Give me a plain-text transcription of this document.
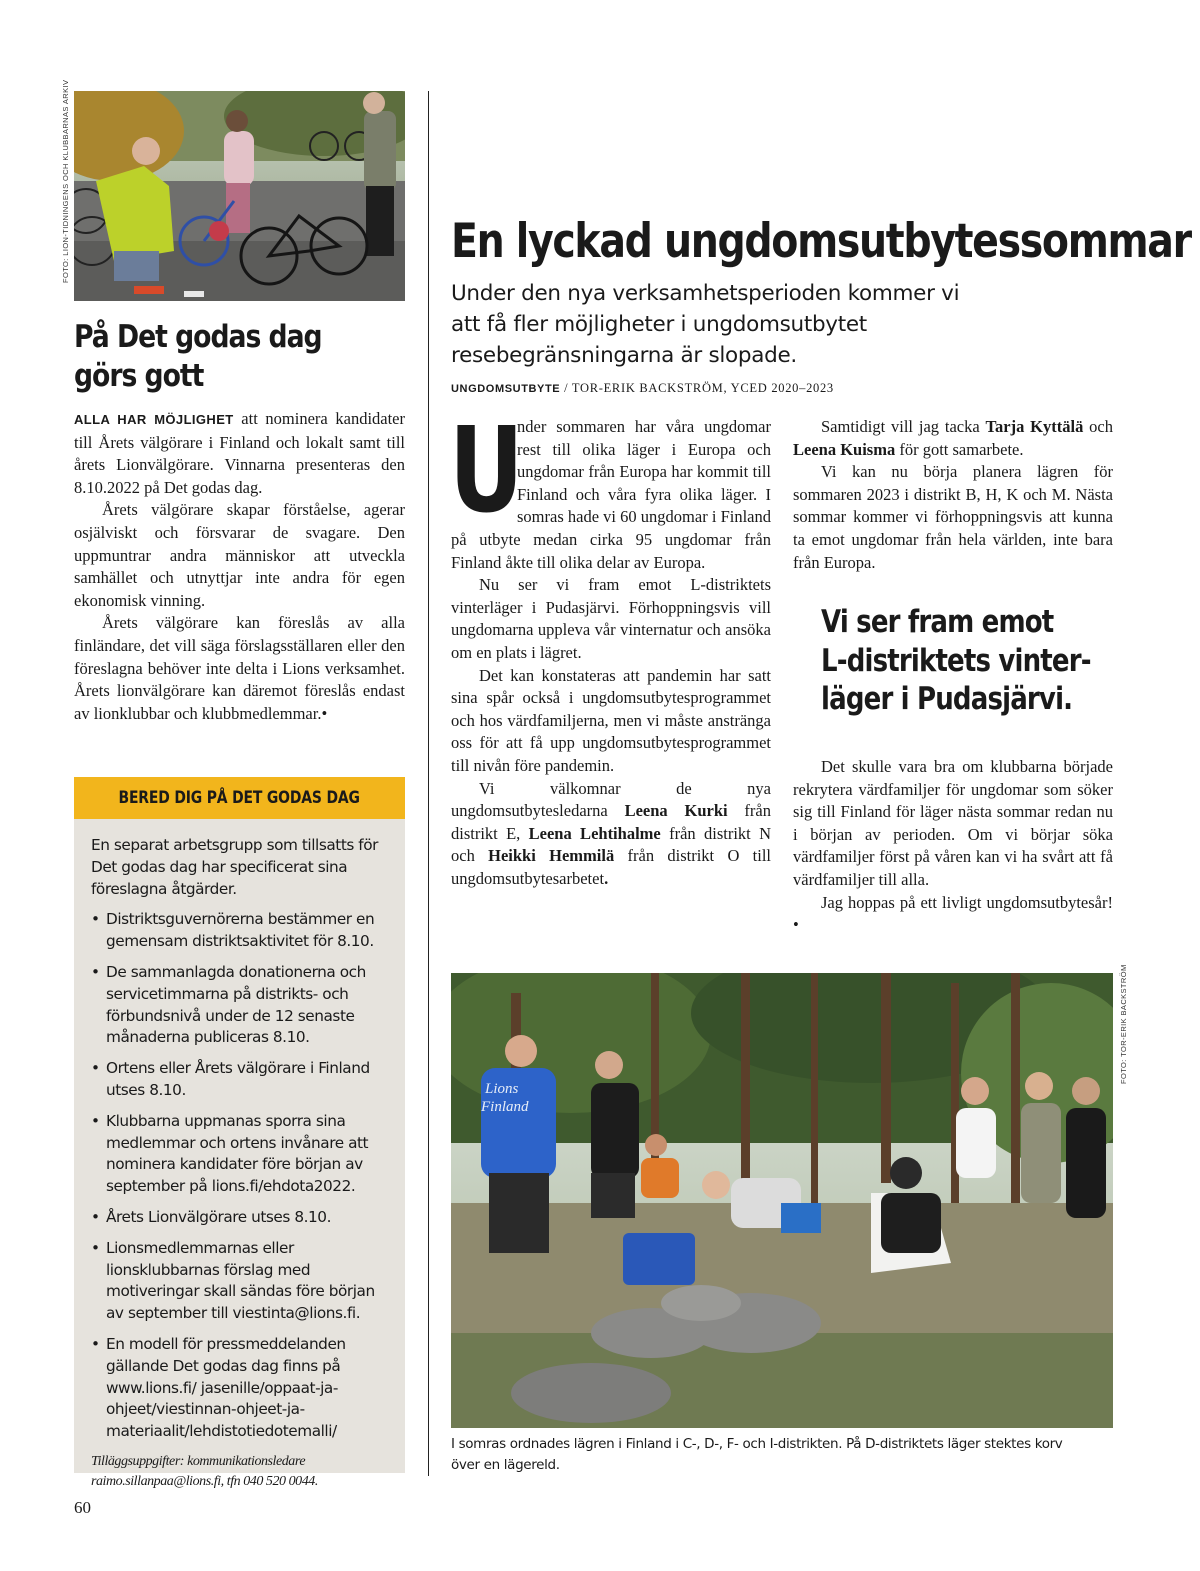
FOTO: LION-TIDNINGENS OCH KLUBBARNAS ARKIV
På Det godas dag
görs gott

ALLA HAR MÖJLIGHET att nominera kandidater till Årets välgörare i Finland och lokalt samt till årets Lionvälgörare. Vinnarna presenteras den 8.10.2022 på Det godas dag.

Årets välgörare skapar förståelse, agerar osjälviskt och försvarar de svagare. Den uppmuntrar andra människor att utveckla samhället och utnyttjar inte andra för egen ekonomisk vinning.

Årets välgörare kan föreslås av alla finländare, det vill säga förslagsställaren eller den föreslagna behöver inte delta i Lions verksamhet. Årets lionvälgörare kan däremot föreslås endast av lionklubbar och klubbmedlemmar.•

BERED DIG PÅ DET GODAS DAG

En separat arbetsgrupp som tillsatts för Det godas dag har specificerat sina föreslagna åtgärder.

• Distriktsguvernörerna bestämmer en gemensam distriktsaktivitet för 8.10.
• De sammanlagda donationerna och servicetimmarna på distrikts- och förbundsnivå under de 12 senaste månaderna publiceras 8.10.
• Ortens eller Årets välgörare i Finland utses 8.10.
• Klubbarna uppmanas sporra sina medlemmar och ortens invånare att nominera kandidater före början av september på lions.fi/ehdota2022.
• Årets Lionvälgörare utses 8.10.
• Lionsmedlemmarnas eller lionsklubbarnas förslag med motiveringar skall sändas före början av september till viestinta@lions.fi.
• En modell för pressmeddelanden gällande Det godas dag finns på www.lions.fi/ jasenille/oppaat-ja-ohjeet/viestinnan-ohjeet-ja-materiaalit/lehdistotiedotemalli/
Tilläggsuppgifter: kommunikationsledare
raimo.sillanpaa@lions.fi, tfn 040 520 0044.
60
En lyckad ungdomsutbytessommar

Under den nya verksamhetsperioden kommer vi att få fler möjligheter i ungdomsutbytet resebegränsningarna är slopade.

UNGDOMSUTBYTE / TOR-ERIK BACKSTRÖM, YCED 2020–2023

U
nder sommaren har våra ungdomar rest till olika läger i Europa och ungdomar från Europa har kommit till Finland och våra fyra olika läger. I somras hade vi 60 ungdomar i Finland på utbyte medan cirka 95 ungdomar från Finland åkte till olika delar av Europa.

Nu ser vi fram emot L-distriktets vinterläger i Pudasjärvi. Förhoppningsvis vill ungdomarna uppleva vår vinternatur och ansöka om en plats i lägret.

Det kan konstateras att pandemin har satt sina spår också i ungdomsutbytesprogrammet och hos värdfamiljerna, men vi måste anstränga oss för att få upp ungdomsutbytesprogrammet till nivån före pandemin.

Vi välkomnar de nya ungdomsutbytesledarna Leena Kurki från distrikt E, Leena Lehtihalme från distrikt N och Heikki Hemmilä från distrikt O till ungdomsutbytesarbetet.

Samtidigt vill jag tacka Tarja Kyttälä och Leena Kuisma för gott samarbete.

Vi kan nu börja planera lägren för sommaren 2023 i distrikt B, H, K och M. Nästa sommar kommer vi förhoppningsvis att kunna ta emot ungdomar från hela världen, inte bara från Europa.

Vi ser fram emot
L-distriktets vinter-
läger i Pudasjärvi.

Det skulle vara bra om klubbarna började rekrytera värdfamiljer för ungdomar som söker sig till Finland för läger nästa sommar redan nu i början av perioden. Om vi börjar söka värdfamiljer först på våren kan vi ha svårt att få värdfamiljer till alla.

Jag hoppas på ett livligt ungdomsutbytesår!•

Lions
Finland
FOTO: TOR-ERIK BACKSTRÖM
I somras ordnades lägren i Finland i C-, D-, F- och I-distrikten. På D-distriktets läger stektes korv över en lägereld.
